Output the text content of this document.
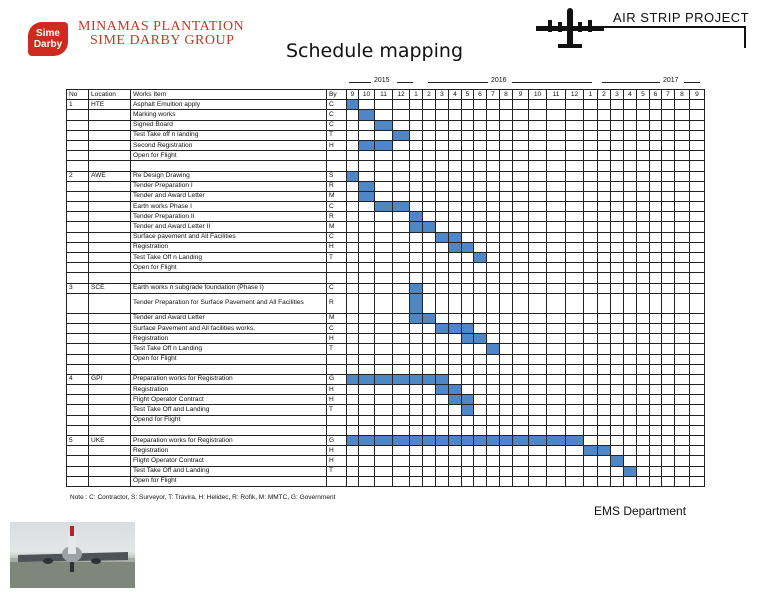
Sime
Darby
MINAMAS PLANTATION
SIME DARBY GROUP	Schedule mapping
AIR STRIP PROJECT
2015	2016	2017
No	Location	Works Item	By	9	10	11	12	1	2	3	4	5	6	7	8	9	10	11	12	1	2	3	4	5	6	7	8	9
1	HTE	Asphalt Emultion apply	C																									
		Marking works	C																									
		Signed Board	C																									
		Test Take off n landing	T																									
		Second Registration	H																									
		Open for Flight																										

2	AWE	Re Design Drawing	S																									
		Tender Preparation I	R																									
		Tender and Award Letter	M																									
		Earth works Phase I	C																									
		Tender Preparation II	R																									
		Tender and Award Letter II	M																									
		Surface pavement and All Facilities	C																									
		Registration	H																									
		Test Take Off n Landing	T																									
		Open for Flight																										

3	SCE	Earth works n subgrade foundation (Phase I)	C																									
		Tender Preparation for Surface Pavement and All Facilities	R																									
		Tender and Award Letter	M																									
		Surface Pavement and All facilities works.	C																									
		Registration	H																									
		Test Take Off n Landing	T																									
		Open for Flight																										

4	GPI	Preparation works for Registration	G																									
		Registration	H																									
		Flight Operator Contract	H																									
		Test Take Off and Landing	T																									
		Opend for Flight																										

5	UKE	Preparation works for Registration	G																									
		Registration	H																									
		Flight Operator Contract	H																									
		Test Take Off and Landing	T																									
		Open for Flight																										
Note : C: Contractor, S: Surveyor, T: Travira, H: Helidec, R: Rofik, M: MMTC, G: Government
EMS Department
